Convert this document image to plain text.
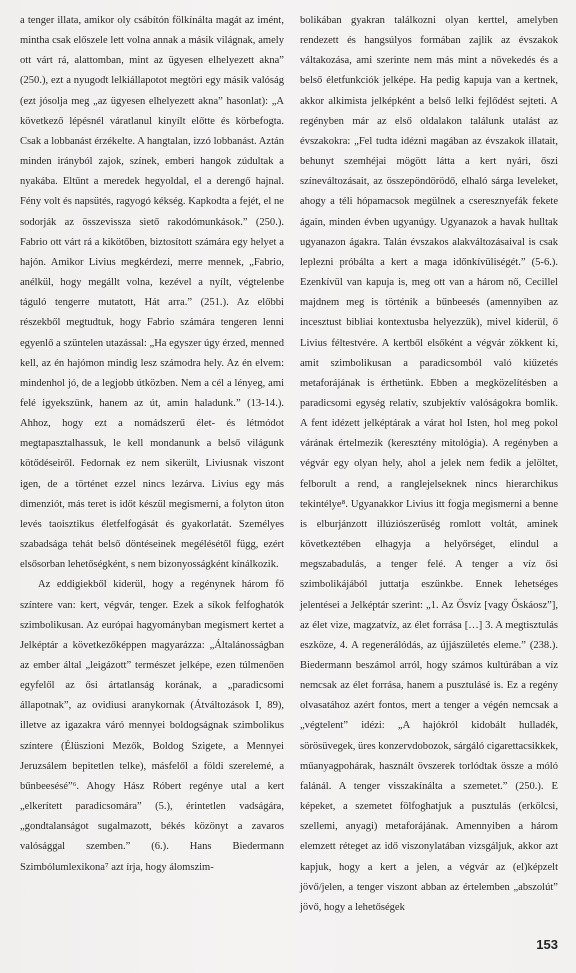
a tenger illata, amikor oly csábítón fölkínálta magát az imént, mintha csak előszele lett volna annak a másik világnak, amely ott várt rá, alattomban, mint az ügyesen elhelyezett akna” (250.), ezt a nyugodt lelkiállapotot megtöri egy másik valóság (ezt jósolja meg „az ügyesen elhelyezett akna” hasonlat): „A következő lépésnél váratlanul kinyílt előtte és körbefogta. Csak a lobbanást érzékelte. A hangtalan, izzó lobbanást. Aztán minden irányból zajok, színek, emberi hangok zúdultak a nyakába. Eltűnt a meredek hegyoldal, el a derengő hajnal. Fény volt és napsütés, ragyogó kékség. Kapkodta a fejét, el ne sodorják az összevissza siető rakodómunkások.” (250.). Fabrio ott várt rá a kikötőben, biztosított számára egy helyet a hajón. Amikor Livius megkérdezi, merre mennek, „Fabrio, anélkül, hogy megállt volna, kezével a nyílt, végtelenbe táguló tengerre mutatott, Hát arra.” (251.). Az előbbi részekből megtudtuk, hogy Fabrio számára tengeren lenni egyenlő a szüntelen utazással: „Ha egyszer úgy érzed, menned kell, az én hajómon mindig lesz számodra hely. Az én elvem: mindenhol jó, de a legjobb útközben. Nem a cél a lényeg, ami felé igyekszünk, hanem az út, amin haladunk.” (13-14.). Ahhoz, hogy ezt a nomádszerű élet- és létmódot megtapasztalhassuk, le kell mondanunk a belső világunk kötődéseiről. Fedornak ez nem sikerült, Liviusnak viszont igen, de a történet ezzel nincs lezárva. Livius egy más dimenziót, más teret is időt készül megismerni, a folyton úton levés taoisztikus életfelfogását és gyakorlatát. Személyes szabadsága tehát belső döntéseinek megélésétől függ, ezért elsősorban lehetőségként, s nem bizonyosságként kínálkozik.

Az eddigiekből kiderül, hogy a regénynek három fő színtere van: kert, végvár, tenger. Ezek a síkok felfoghatók szimbolikusan. Az európai hagyományban megismert kertet a Jelképtár a következőképpen magyarázza: „Általánosságban az ember által „leigázott” természet jelképe, ezen túlmenően egyfelől az ősi ártatlanság korának, a „paradicsomi állapotnak”, az ovidiusi aranykornak (Átváltozások I, 89), illetve az igazakra váró mennyei boldogságnak szimbolikus színtere (Élüszioni Mezők, Boldog Szigete, a Mennyei Jeruzsálem bepitetlen telke), másfelől a földi szerelemé, a bűnbeesésé”⁶. Ahogy Hász Róbert regénye utal a kert „elkerített paradicsomára” (5.), érintetlen vadságára, „gondtalanságot sugalmazott, békés közönyt a zavaros valósággal szemben.” (6.). Hans Biedermann Szimbólumlexikona⁷ azt írja, hogy álomszim-

bolikában gyakran találkozni olyan kerttel, amelyben rendezett és hangsúlyos formában zajlik az évszakok váltakozása, ami szerinte nem más mint a növekedés és a belső életfunkciók jelképe. Ha pedig kapuja van a kertnek, akkor alkimista jelképként a belső lelki fejlődést sejteti. A regényben már az első oldalakon találunk utalást az évszakokra: „Fel tudta idézni magában az évszakok illatait, behunyt szemhéjai mögött látta a kert nyári, őszi színeváltozásait, az összepöndörödő, elhaló sárga leveleket, ahogy a téli hópamacsok megülnek a cseresznyefák fekete ágain, minden évben ugyanúgy. Ugyanazok a havak hulltak ugyanazon ágakra. Talán évszakos alakváltozásaival is csak leplezni próbálta a kert a maga időnkívüliségét.” (5-6.). Ezenkívül van kapuja is, meg ott van a három nő, Cecillel majdnem meg is történik a bűnbeesés (amennyiben az incesztust bibliai kontextusba helyezzük), mivel kiderül, ő Livius féltestvére. A kertből elsőként a végvár zökkent ki, amit szimbolikusan a paradicsomból való kiűzetés metaforájának is érthetünk. Ebben a megközelítésben a paradicsomi egység relatív, szubjektív valóságokra bomlik. A fent idézett jelképtárak a várat hol Isten, hol meg pokol várának értelmezik (keresztény mitológia). A regényben a végvár egy olyan hely, ahol a jelek nem fedik a jelöltet, felborult a rend, a ranglejelseknek nincs hierarchikus tekintélye⁸. Ugyanakkor Livius itt fogja megismerni a benne is elburjánzott illúziószerűség romlott voltát, aminek következtében elhagyja a helyőrséget, elindul a megszabadulás, a tenger felé. A tenger a víz ősi szimbolikájából juttatja eszünkbe. Ennek lehetséges jelentései a Jelképtár szerint: „1. Az Ősvíz [vagy Őskáosz”], az élet vize, magzatvíz, az élet forrása […] 3. A megtisztulás eszköze, 4. A regenerálódás, az újjászületés eleme.” (238.). Biedermann beszámol arról, hogy számos kultúrában a víz nemcsak az élet forrása, hanem a pusztulásé is. Ez a regény olvasatához azért fontos, mert a tenger a végén nemcsak a „végtelent” idézi: „A hajókról kidobált hulladék, sörösüvegek, üres konzervdobozok, sárgáló cigarettacsikkek, műanyagpohárak, használt övszerek torlódtak össze a móló falánál. A tenger visszakínálta a szemetet.” (250.). E képeket, a szemetet fölfoghatjuk a pusztulás (erkölcsi, szellemi, anyagi) metaforájának. Amennyiben a három elemzett réteget az idő viszonylatában vizsgáljuk, akkor azt kapjuk, hogy a kert a jelen, a végvár az (el)képzelt jövő/jelen, a tenger viszont abban az értelemben „abszolút” jövő, hogy a lehetőségek

153
